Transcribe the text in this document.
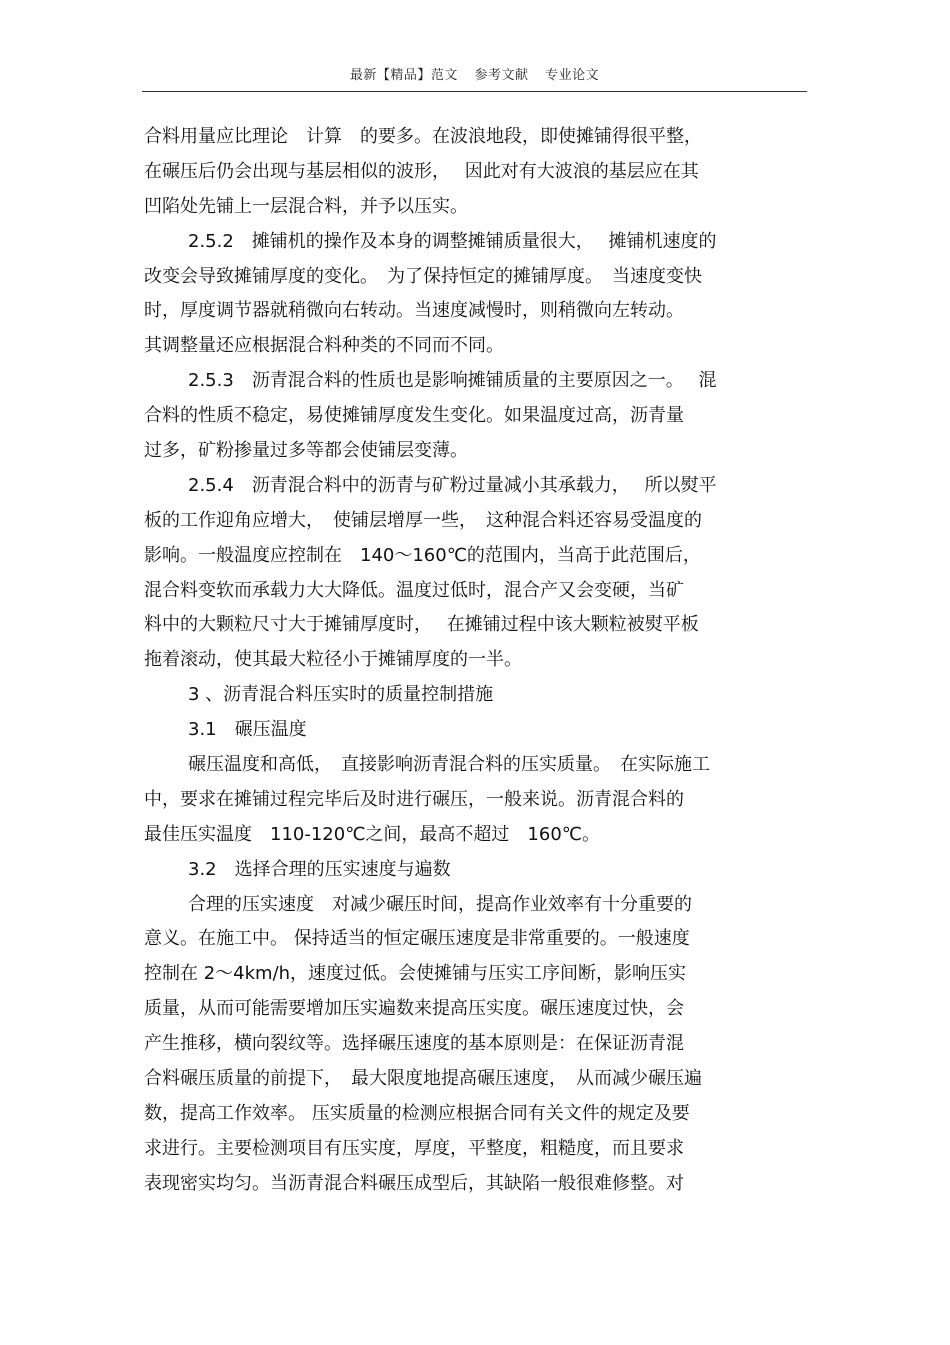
最新【精品】范文 参考文献 专业论文
合料用量应比理论　计算　的要多。在波浪地段，即使摊铺得很平整，
在碾压后仍会出现与基层相似的波形，　 因此对有大波浪的基层应在其
凹陷处先铺上一层混合料，并予以压实。
2.5.2　摊铺机的操作及本身的调整摊铺质量很大，　 摊铺机速度的
改变会导致摊铺厚度的变化。　为了保持恒定的摊铺厚度。　当速度变快
时，厚度调节器就稍微向右转动。当速度减慢时，则稍微向左转动。
其调整量还应根据混合料种类的不同而不同。
2.5.3　沥青混合料的性质也是影响摊铺质量的主要原因之一。　 混
合料的性质不稳定，易使摊铺厚度发生变化。如果温度过高，沥青量
过多，矿粉掺量过多等都会使铺层变薄。
2.5.4　沥青混合料中的沥青与矿粉过量减小其承载力，　 所以熨平
板的工作迎角应增大，　使铺层增厚一些，　这种混合料还容易受温度的
影响。一般温度应控制在　140～160℃的范围内，当高于此范围后，
混合料变软而承载力大大降低。温度过低时，混合产又会变硬，当矿
料中的大颗粒尺寸大于摊铺厚度时，　 在摊铺过程中该大颗粒被熨平板
拖着滚动，使其最大粒径小于摊铺厚度的一半。
3 、沥青混合料压实时的质量控制措施
3.1　碾压温度
碾压温度和高低，　直接影响沥青混合料的压实质量。　在实际施工
中，要求在摊铺过程完毕后及时进行碾压，一般来说。沥青混合料的
最佳压实温度　110-120℃之间，最高不超过　160℃。
3.2　选择合理的压实速度与遍数
合理的压实速度　对减少碾压时间，提高作业效率有十分重要的
意义。在施工中。 保持适当的恒定碾压速度是非常重要的。一般速度
控制在 2～4km/h，速度过低。会使摊铺与压实工序间断，影响压实
质量，从而可能需要增加压实遍数来提高压实度。碾压速度过快，会
产生推移，横向裂纹等。选择碾压速度的基本原则是：在保证沥青混
合料碾压质量的前提下，　最大限度地提高碾压速度，　从而减少碾压遍
数，提高工作效率。 压实质量的检测应根据合同有关文件的规定及要
求进行。主要检测项目有压实度，厚度，平整度，粗糙度，而且要求
表现密实均匀。当沥青混合料碾压成型后，其缺陷一般很难修整。对
